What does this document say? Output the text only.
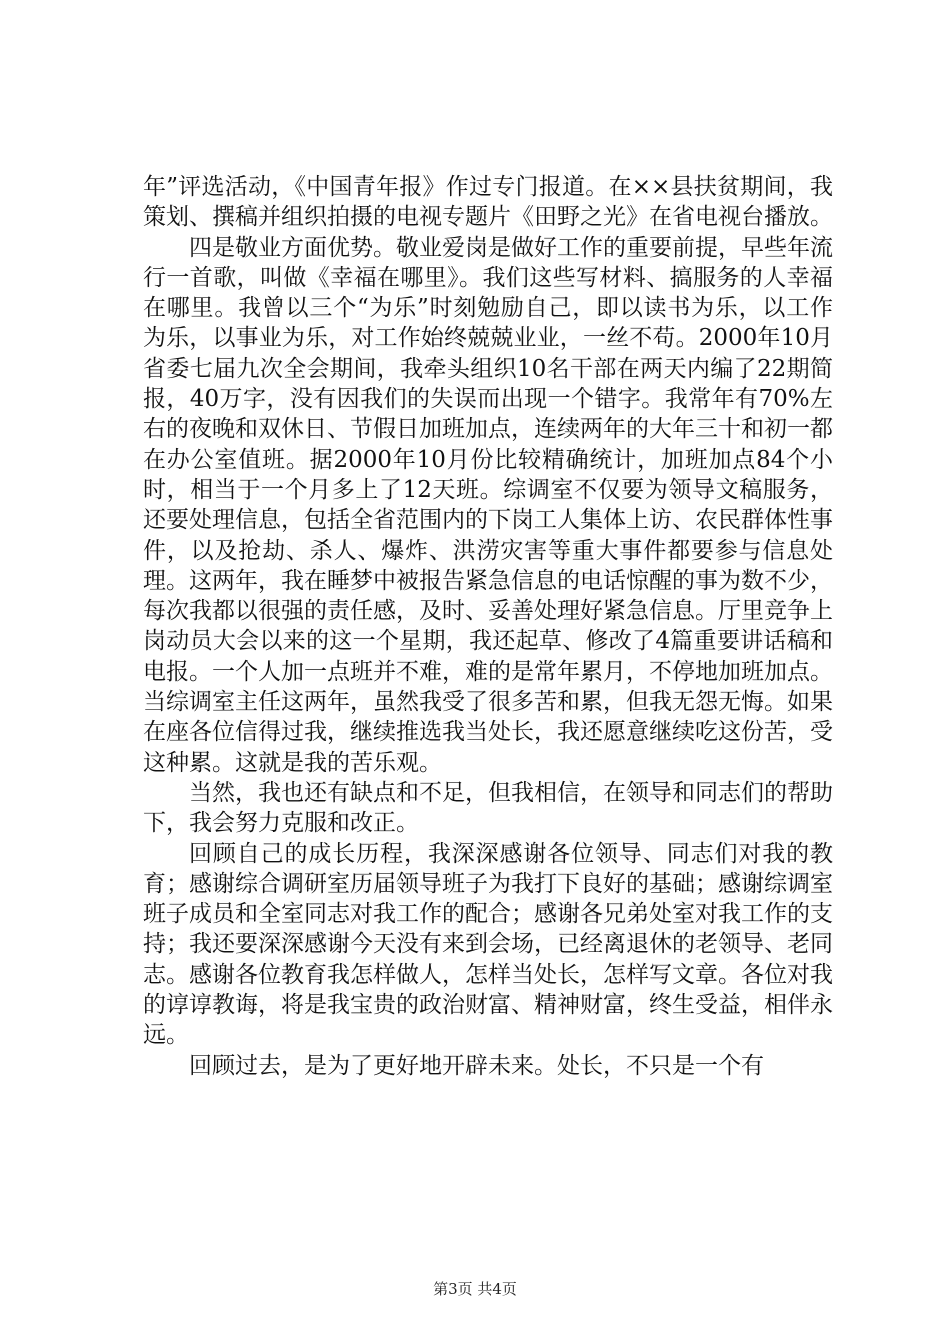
年”评选活动，《中国青年报》作过专门报道。在××县扶贫期间，我策划、撰稿并组织拍摄的电视专题片《田野之光》在省电视台播放。

四是敬业方面优势。敬业爱岗是做好工作的重要前提，早些年流行一首歌，叫做《幸福在哪里》。我们这些写材料、搞服务的人幸福在哪里。我曾以三个“为乐”时刻勉励自己，即以读书为乐，以工作为乐，以事业为乐，对工作始终兢兢业业，一丝不苟。2000年10月省委七届九次全会期间，我牵头组织10名干部在两天内编了22期简报，40万字，没有因我们的失误而出现一个错字。我常年有70%左右的夜晚和双休日、节假日加班加点，连续两年的大年三十和初一都在办公室值班。据2000年10月份比较精确统计，加班加点84个小时，相当于一个月多上了12天班。综调室不仅要为领导文稿服务，还要处理信息，包括全省范围内的下岗工人集体上访、农民群体性事件，以及抢劫、杀人、爆炸、洪涝灾害等重大事件都要参与信息处理。这两年，我在睡梦中被报告紧急信息的电话惊醒的事为数不少，每次我都以很强的责任感，及时、妥善处理好紧急信息。厅里竞争上岗动员大会以来的这一个星期，我还起草、修改了4篇重要讲话稿和电报。一个人加一点班并不难，难的是常年累月，不停地加班加点。当综调室主任这两年，虽然我受了很多苦和累，但我无怨无悔。如果在座各位信得过我，继续推选我当处长，我还愿意继续吃这份苦，受这种累。这就是我的苦乐观。

当然，我也还有缺点和不足，但我相信，在领导和同志们的帮助下，我会努力克服和改正。

回顾自己的成长历程，我深深感谢各位领导、同志们对我的教育；感谢综合调研室历届领导班子为我打下良好的基础；感谢综调室班子成员和全室同志对我工作的配合；感谢各兄弟处室对我工作的支持；我还要深深感谢今天没有来到会场，已经离退休的老领导、老同志。感谢各位教育我怎样做人，怎样当处长，怎样写文章。各位对我的谆谆教诲，将是我宝贵的政治财富、精神财富，终生受益，相伴永远。

回顾过去，是为了更好地开辟未来。处长，不只是一个有

第3页 共4页
